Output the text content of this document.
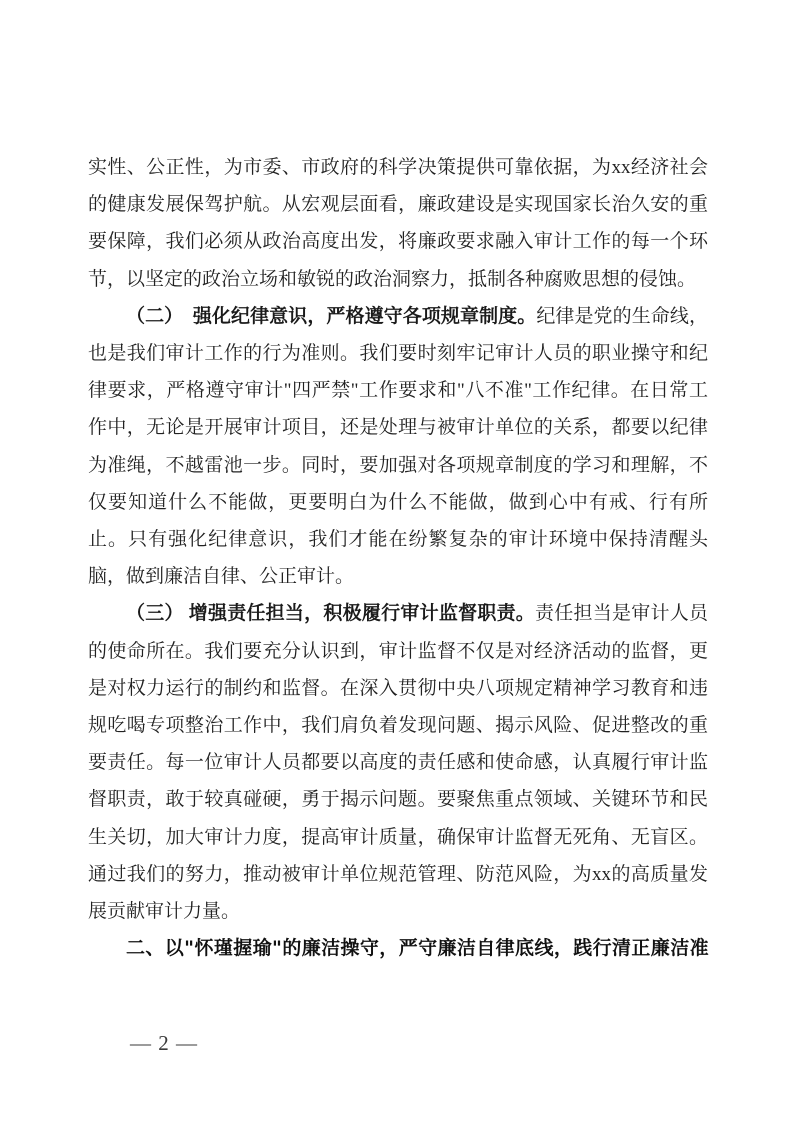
实性、公正性，为市委、市政府的科学决策提供可靠依据，为xx经济社会的健康发展保驾护航。从宏观层面看，廉政建设是实现国家长治久安的重要保障，我们必须从政治高度出发，将廉政要求融入审计工作的每一个环节，以坚定的政治立场和敏锐的政治洞察力，抵制各种腐败思想的侵蚀。

（二）　强化纪律意识，严格遵守各项规章制度。纪律是党的生命线，也是我们审计工作的行为准则。我们要时刻牢记审计人员的职业操守和纪律要求，严格遵守审计"四严禁"工作要求和"八不准"工作纪律。在日常工作中，无论是开展审计项目，还是处理与被审计单位的关系，都要以纪律为准绳，不越雷池一步。同时，要加强对各项规章制度的学习和理解，不仅要知道什么不能做，更要明白为什么不能做，做到心中有戒、行有所止。只有强化纪律意识，我们才能在纷繁复杂的审计环境中保持清醒头脑，做到廉洁自律、公正审计。

（三） 增强责任担当，积极履行审计监督职责。责任担当是审计人员的使命所在。我们要充分认识到，审计监督不仅是对经济活动的监督，更是对权力运行的制约和监督。在深入贯彻中央八项规定精神学习教育和违规吃喝专项整治工作中，我们肩负着发现问题、揭示风险、促进整改的重要责任。每一位审计人员都要以高度的责任感和使命感，认真履行审计监督职责，敢于较真碰硬，勇于揭示问题。要聚焦重点领域、关键环节和民生关切，加大审计力度，提高审计质量，确保审计监督无死角、无盲区。通过我们的努力，推动被审计单位规范管理、防范风险，为xx的高质量发展贡献审计力量。

二、以"怀瑾握瑜"的廉洁操守，严守廉洁自律底线，践行清正廉洁准

— 2 —
